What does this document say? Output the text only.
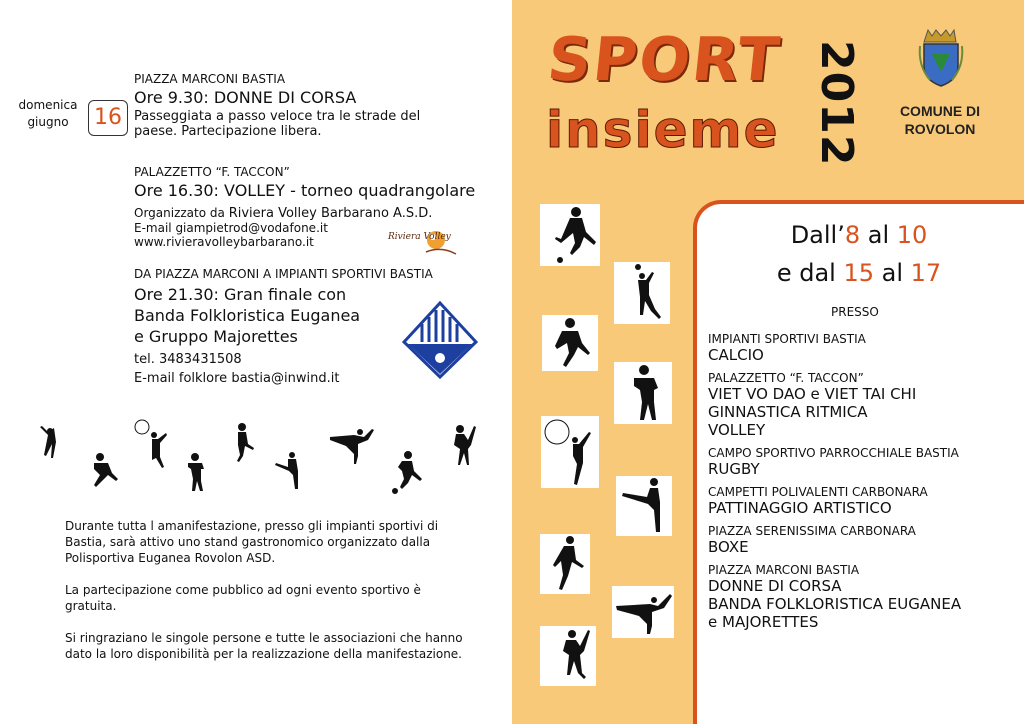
domenica
giugno	16
PIAZZA MARCONI BASTIA
Ore 9.30: DONNE DI CORSA
Passeggiata a passo veloce tra le strade del
paese. Partecipazione libera.
PALAZZETTO “F. TACCON”
Ore 16.30: VOLLEY - torneo quadrangolare
Organizzato da Riviera Volley Barbarano A.S.D.
E-mail giampietrod@vodafone.it
www.rivieravolleybarbarano.it	Riviera Volley
DA PIAZZA MARCONI A IMPIANTI SPORTIVI BASTIA
Ore 21.30: Gran finale con
Banda Folkloristica Euganea
e Gruppo Majorettes
tel. 3483431508
E-mail folklore bastia@inwind.it
Durante tutta l amanifestazione, presso gli impianti sportivi di
Bastia, sarà attivo uno stand gastronomico organizzato dalla
Polisportiva Euganea Rovolon ASD.
La partecipazione come pubblico ad ogni evento sportivo è
gratuita.
Si ringraziano le singole persone e tutte le associazioni che hanno
dato la loro disponibilità per la realizzazione della manifestazione.
SPORT
insieme 2012	COMUNE DI
ROVOLON
Dall’8 al 10
e dal 15 al 17
PRESSO
IMPIANTI SPORTIVI BASTIA
CALCIO
PALAZZETTO “F. TACCON”
VIET VO DAO e VIET TAI CHI
GINNASTICA RITMICA
VOLLEY
CAMPO SPORTIVO PARROCCHIALE BASTIA
RUGBY
CAMPETTI POLIVALENTI CARBONARA
PATTINAGGIO ARTISTICO
PIAZZA SERENISSIMA CARBONARA
BOXE
PIAZZA MARCONI BASTIA
DONNE DI CORSA
BANDA FOLKLORISTICA EUGANEA
e MAJORETTES
